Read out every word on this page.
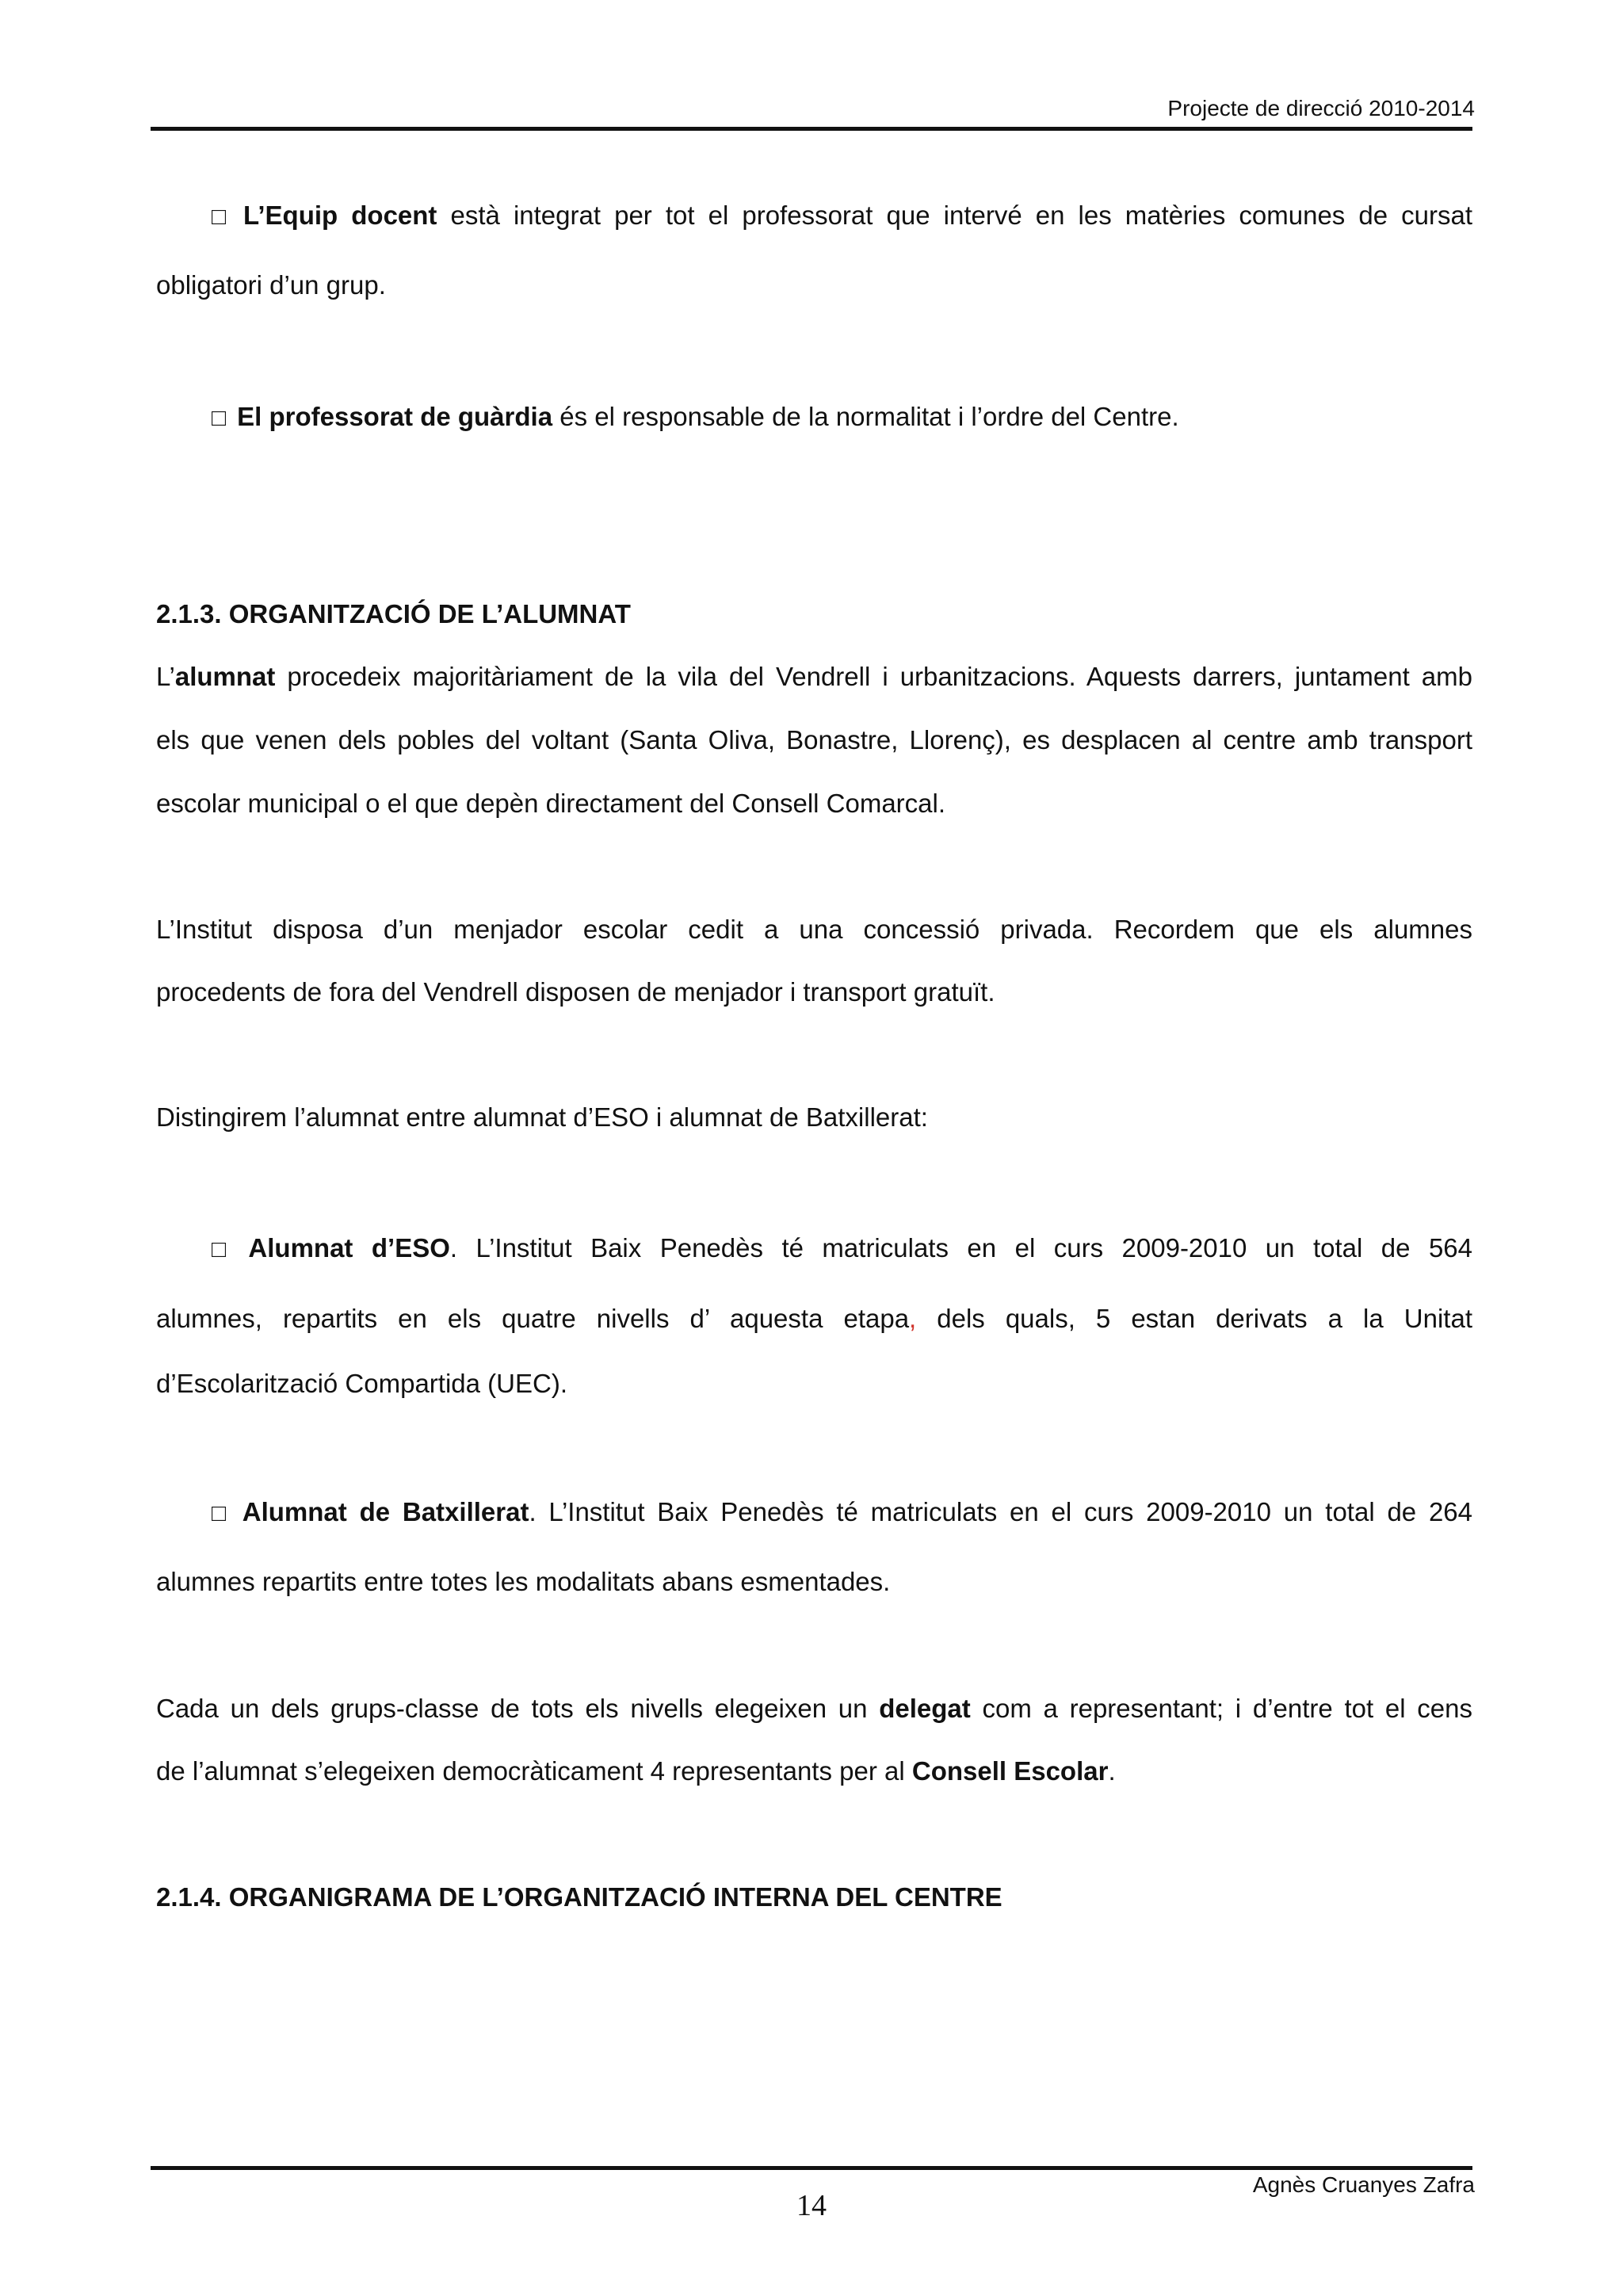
Projecte de direcció 2010-2014
□ L’Equip docent està integrat per tot el professorat que intervé en les matèries comunes de cursat
obligatori d’un grup.
□ El professorat de guàrdia és el responsable de la normalitat i l’ordre del Centre.
2.1.3. ORGANITZACIÓ DE L’ALUMNAT
L’alumnat procedeix majoritàriament de la vila del Vendrell i urbanitzacions. Aquests darrers, juntament amb
els que venen dels pobles del voltant (Santa Oliva, Bonastre, Llorenç), es desplacen al centre amb transport
escolar municipal o el que depèn directament del Consell Comarcal.
L’Institut disposa d’un menjador escolar cedit a una concessió privada. Recordem que els alumnes
procedents de fora del Vendrell disposen de menjador i transport gratuït.
Distingirem l’alumnat entre alumnat d’ESO i alumnat de Batxillerat:
□ Alumnat d’ESO. L’Institut Baix Penedès té matriculats en el curs 2009-2010 un total de 564
alumnes, repartits en els quatre nivells d’ aquesta etapa, dels quals, 5 estan derivats a la Unitat
d’Escolarització Compartida (UEC).
□ Alumnat de Batxillerat. L’Institut Baix Penedès té matriculats en el curs 2009-2010 un total de 264
alumnes repartits entre totes les modalitats abans esmentades.
Cada un dels grups-classe de tots els nivells elegeixen un delegat com a representant; i d’entre tot el cens
de l’alumnat s’elegeixen democràticament 4 representants per al Consell Escolar.
2.1.4. ORGANIGRAMA DE L’ORGANITZACIÓ INTERNA DEL CENTRE
14
Agnès Cruanyes Zafra
